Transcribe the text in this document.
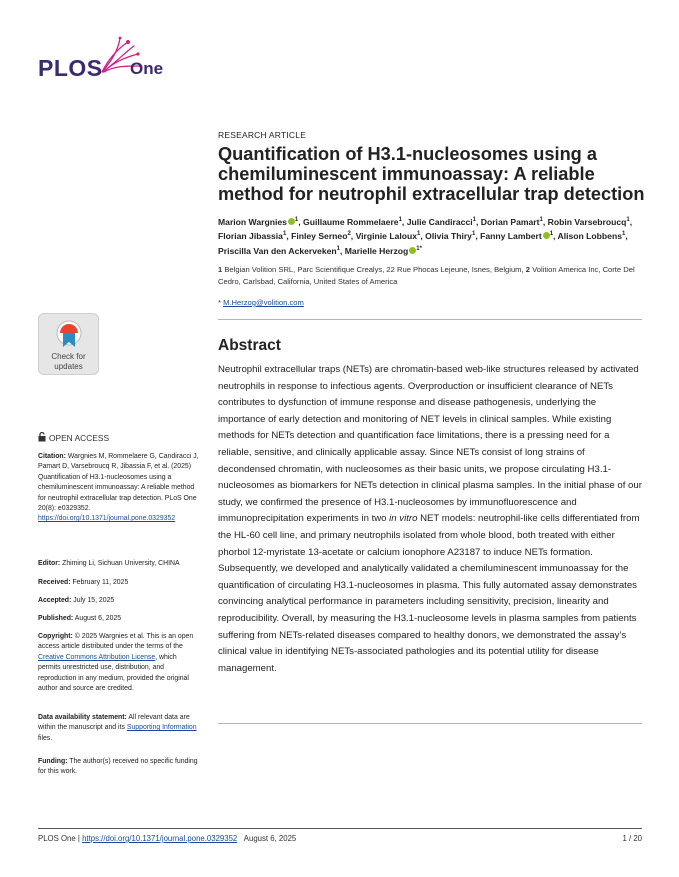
PLOS One
Check for
updates
RESEARCH ARTICLE
Quantification of H3.1-nucleosomes using a chemiluminescent immunoassay: A reliable method for neutrophil extracellular trap detection
Marion Wargnies $^1$, Guillaume Rommelaere$^1$, Julie Candiracci$^1$, Dorian Pamart$^1$, Robin Varsebroucq$^1$, Florian Jibassia$^1$, Finley Serneo$^2$, Virginie Laloux$^1$, Olivia Thiry$^1$, Fanny Lambert $^1$, Alison Lobbens$^1$, Priscilla Van den Ackerveken$^1$, Marielle Herzog $^{1*}$
1 Belgian Volition SRL, Parc Scientifique Crealys, 22 Rue Phocas Lejeune, Isnes, Belgium, 2 Volition America Inc, Corte Del Cedro, Carlsbad, California, United States of America
* M.Herzog@volition.com
Abstract
Neutrophil extracellular traps (NETs) are chromatin-based web-like structures released by activated neutrophils in response to infectious agents. Overproduction or insufficient clearance of NETs contributes to dysfunction of immune response and disease pathogenesis, underlying the importance of early detection and monitoring of NET levels in clinical samples. While existing methods for NETs detection and quantification face limitations, there is a pressing need for a reliable, sensitive, and clinically applicable assay. Since NETs consist of long strains of decondensed chromatin, with nucleosomes as their basic units, we propose circulating H3.1-nucleosomes as biomarkers for NETs detection in clinical plasma samples. In the initial phase of our study, we confirmed the presence of H3.1-nucleosomes by immunofluorescence and immunoprecipitation experiments in two in vitro NET models: neutrophil-like cells differentiated from the HL-60 cell line, and primary neutrophils isolated from whole blood, both treated with either phorbol 12-myristate 13-acetate or calcium ionophore A23187 to induce NETs formation. Subsequently, we developed and analytically validated a chemiluminescent immunoassay for the quantification of circulating H3.1-nucleosomes in plasma. This fully automated assay demonstrates convincing analytical performance in parameters including sensitivity, precision, linearity and reproducibility. Overall, by measuring the H3.1-nucleosome levels in plasma samples from patients suffering from NETs-related diseases compared to healthy donors, we demonstrated the assay’s clinical value in identifying NETs-associated pathologies and its potential utility for disease management.
OPEN ACCESS
Citation: Wargnies M, Rommelaere G, Candiracci J, Pamart D, Varsebroucq R, Jibassia F, et al. (2025) Quantification of H3.1-nucleosomes using a chemiluminescent immunoassay: A reliable method for neutrophil extracellular trap detection. PLoS One 20(8): e0329352. https://doi.org/10.1371/journal.pone.0329352
Editor: Zhiming Li, Sichuan University, CHINA
Received: February 11, 2025
Accepted: July 15, 2025
Published: August 6, 2025
Copyright: © 2025 Wargnies et al. This is an open access article distributed under the terms of the Creative Commons Attribution License, which permits unrestricted use, distribution, and reproduction in any medium, provided the original author and source are credited.
Data availability statement: All relevant data are within the manuscript and its Supporting Information files.
Funding: The author(s) received no specific funding for this work.
PLOS One | https://doi.org/10.1371/journal.pone.0329352 August 6, 2025	1 / 20
